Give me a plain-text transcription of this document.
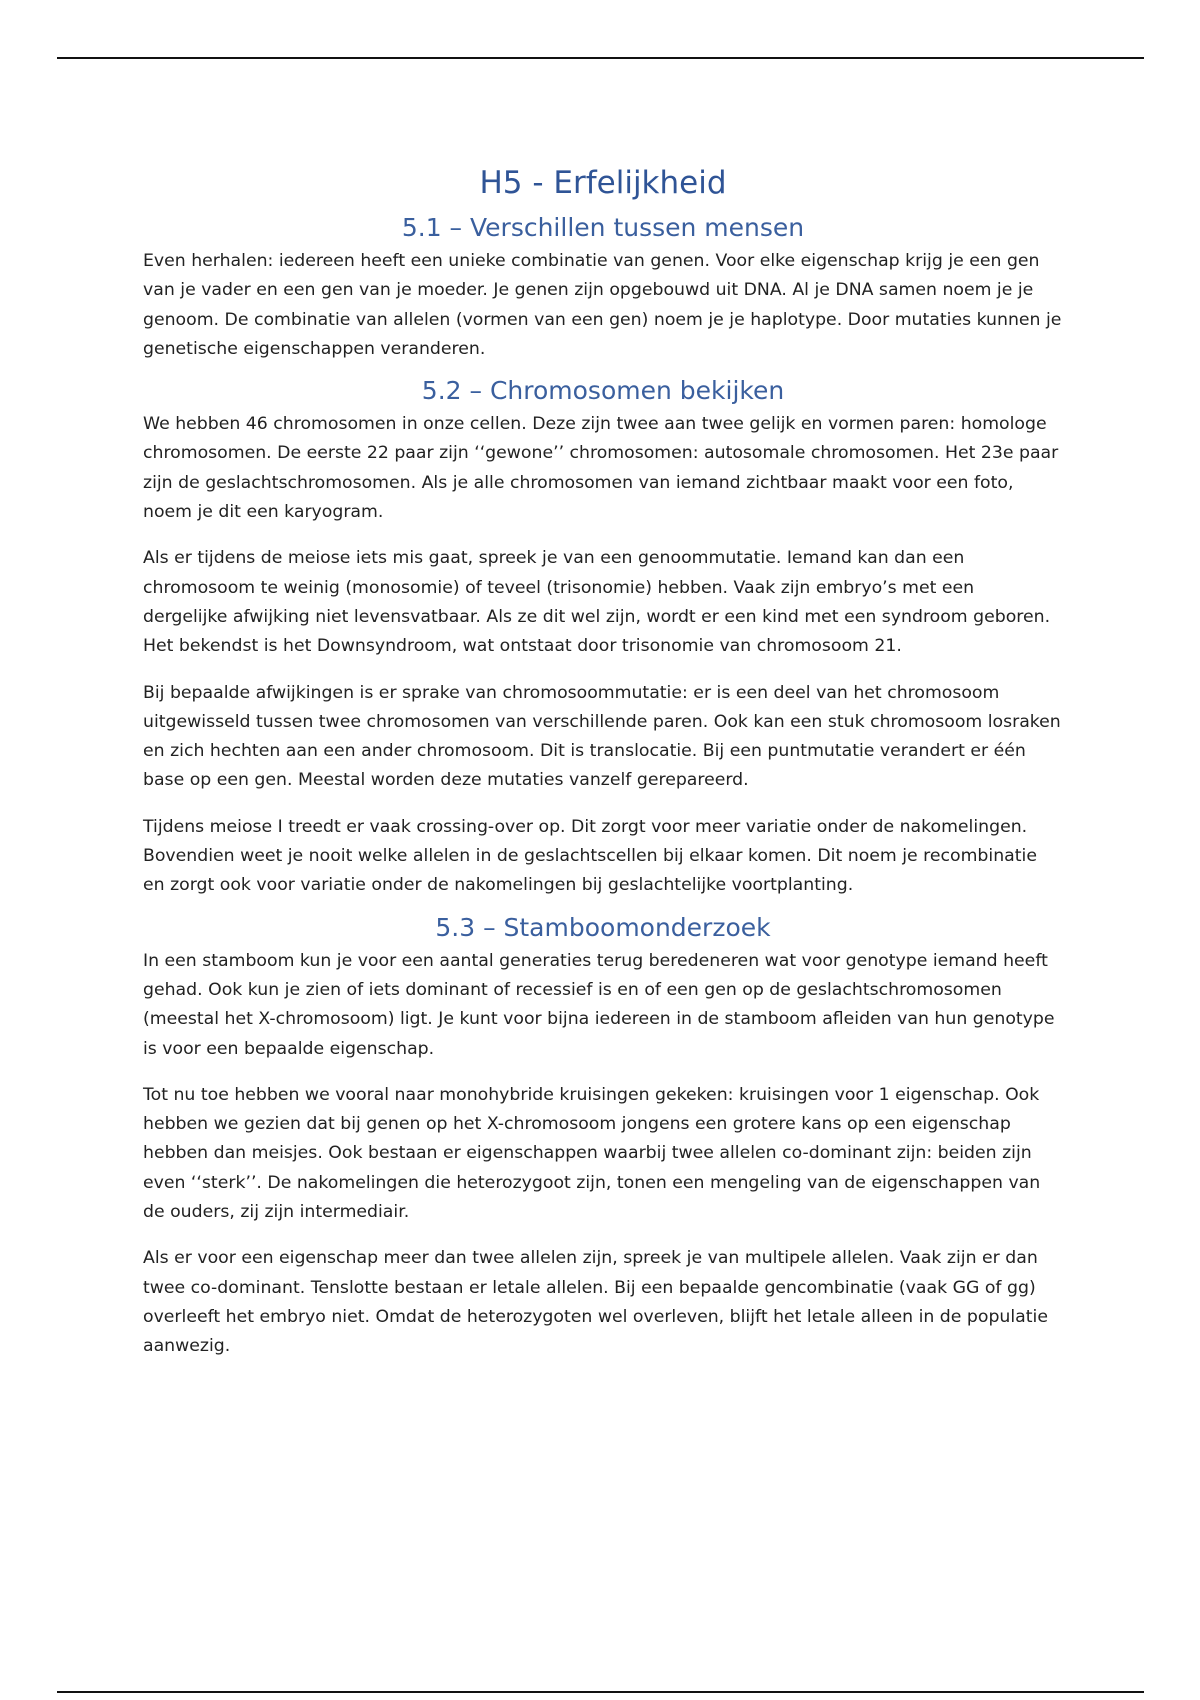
H5 - Erfelijkheid
5.1 – Verschillen tussen mensen

Even herhalen: iedereen heeft een unieke combinatie van genen. Voor elke eigenschap krijg je een gen van je vader en een gen van je moeder. Je genen zijn opgebouwd uit DNA. Al je DNA samen noem je je genoom. De combinatie van allelen (vormen van een gen) noem je je haplotype. Door mutaties kunnen je genetische eigenschappen veranderen.

5.2 – Chromosomen bekijken

We hebben 46 chromosomen in onze cellen. Deze zijn twee aan twee gelijk en vormen paren: homologe chromosomen. De eerste 22 paar zijn ‘‘gewone’’ chromosomen: autosomale chromosomen. Het 23e paar zijn de geslachtschromosomen. Als je alle chromosomen van iemand zichtbaar maakt voor een foto, noem je dit een karyogram.

Als er tijdens de meiose iets mis gaat, spreek je van een genoommutatie. Iemand kan dan een chromosoom te weinig (monosomie) of teveel (trisonomie) hebben. Vaak zijn embryo’s met een dergelijke afwijking niet levensvatbaar. Als ze dit wel zijn, wordt er een kind met een syndroom geboren. Het bekendst is het Downsyndroom, wat ontstaat door trisonomie van chromosoom 21.

Bij bepaalde afwijkingen is er sprake van chromosoommutatie: er is een deel van het chromosoom uitgewisseld tussen twee chromosomen van verschillende paren. Ook kan een stuk chromosoom losraken en zich hechten aan een ander chromosoom. Dit is translocatie. Bij een puntmutatie verandert er één base op een gen. Meestal worden deze mutaties vanzelf gerepareerd.

Tijdens meiose I treedt er vaak crossing-over op. Dit zorgt voor meer variatie onder de nakomelingen. Bovendien weet je nooit welke allelen in de geslachtscellen bij elkaar komen. Dit noem je recombinatie en zorgt ook voor variatie onder de nakomelingen bij geslachtelijke voortplanting.

5.3 – Stamboomonderzoek

In een stamboom kun je voor een aantal generaties terug beredeneren wat voor genotype iemand heeft gehad. Ook kun je zien of iets dominant of recessief is en of een gen op de geslachtschromosomen (meestal het X-chromosoom) ligt. Je kunt voor bijna iedereen in de stamboom afleiden van hun genotype is voor een bepaalde eigenschap.

Tot nu toe hebben we vooral naar monohybride kruisingen gekeken: kruisingen voor 1 eigenschap. Ook hebben we gezien dat bij genen op het X-chromosoom jongens een grotere kans op een eigenschap hebben dan meisjes. Ook bestaan er eigenschappen waarbij twee allelen co-dominant zijn: beiden zijn even ‘‘sterk’’. De nakomelingen die heterozygoot zijn, tonen een mengeling van de eigenschappen van de ouders, zij zijn intermediair.

Als er voor een eigenschap meer dan twee allelen zijn, spreek je van multipele allelen. Vaak zijn er dan twee co-dominant. Tenslotte bestaan er letale allelen. Bij een bepaalde gencombinatie (vaak GG of gg) overleeft het embryo niet. Omdat de heterozygoten wel overleven, blijft het letale alleen in de populatie aanwezig.
